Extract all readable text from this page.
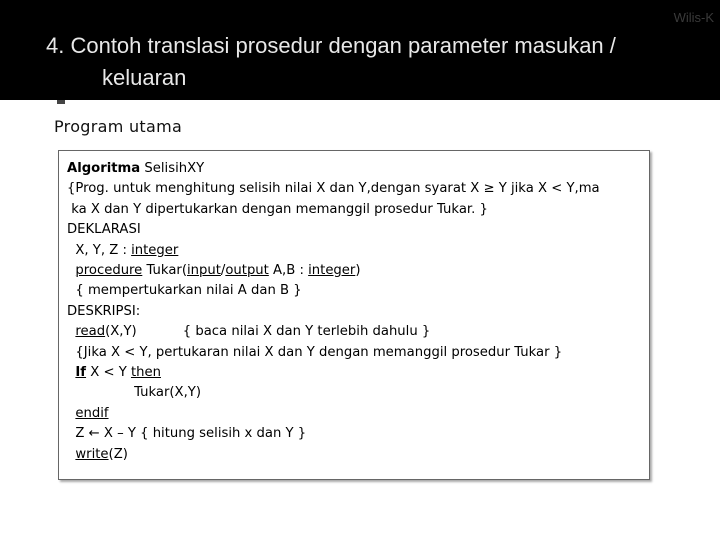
Wilis-K
4. Contoh translasi prosedur dengan parameter masukan /
keluaran
Program utama
Algoritma SelisihXY
{Prog. untuk menghitung selisih nilai X dan Y,dengan syarat X ≥ Y jika X < Y,ma
ka X dan Y dipertukarkan dengan memanggil prosedur Tukar. }
DEKLARASI
X, Y, Z : integer
procedure Tukar(input/output A,B : integer)
{ mempertukarkan nilai A dan B }
DESKRIPSI:
read(X,Y)           { baca nilai X dan Y terlebih dahulu }
{Jika X < Y, pertukaran nilai X dan Y dengan memanggil prosedur Tukar }
If X < Y then
Tukar(X,Y)
endif
Z ← X – Y { hitung selisih x dan Y }
write(Z)
